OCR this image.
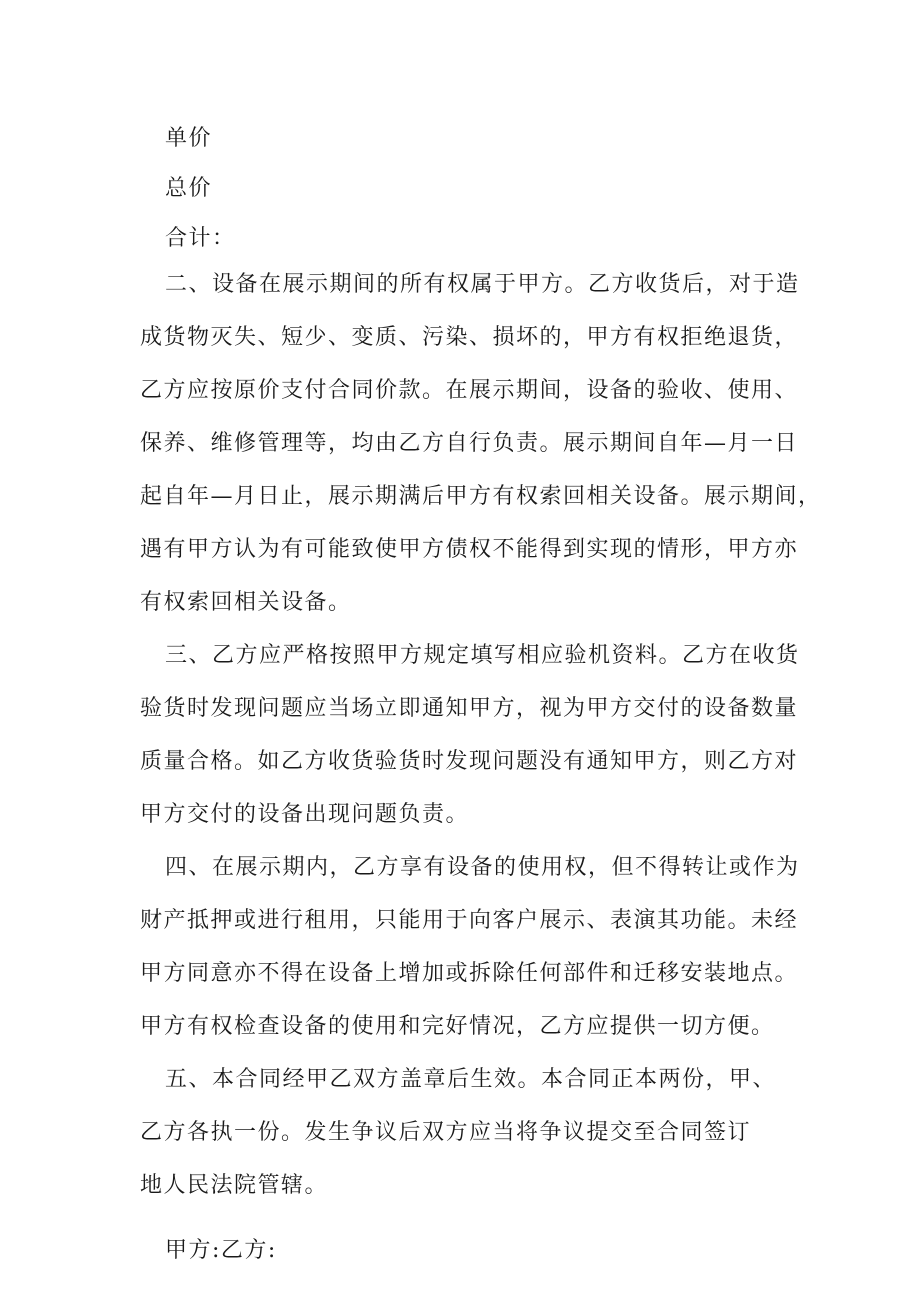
单价
总价
合计：
二、设备在展示期间的所有权属于甲方。乙方收货后，对于造
成货物灭失、短少、变质、污染、损坏的，甲方有权拒绝退货，
乙方应按原价支付合同价款。在展示期间，设备的验收、使用、
保养、维修管理等，均由乙方自行负责。展示期间自年—月一日
起自年—月日止，展示期满后甲方有权索回相关设备。展示期间，
遇有甲方认为有可能致使甲方债权不能得到实现的情形，甲方亦
有权索回相关设备。
三、乙方应严格按照甲方规定填写相应验机资料。乙方在收货
验货时发现问题应当场立即通知甲方，视为甲方交付的设备数量
质量合格。如乙方收货验货时发现问题没有通知甲方，则乙方对
甲方交付的设备出现问题负责。
四、在展示期内，乙方享有设备的使用权，但不得转让或作为
财产抵押或进行租用，只能用于向客户展示、表演其功能。未经
甲方同意亦不得在设备上增加或拆除任何部件和迁移安装地点。
甲方有权检查设备的使用和完好情况，乙方应提供一切方便。
五、本合同经甲乙双方盖章后生效。本合同正本两份，甲、
乙方各执一份。发生争议后双方应当将争议提交至合同签订
地人民法院管辖。
甲方:乙方:
